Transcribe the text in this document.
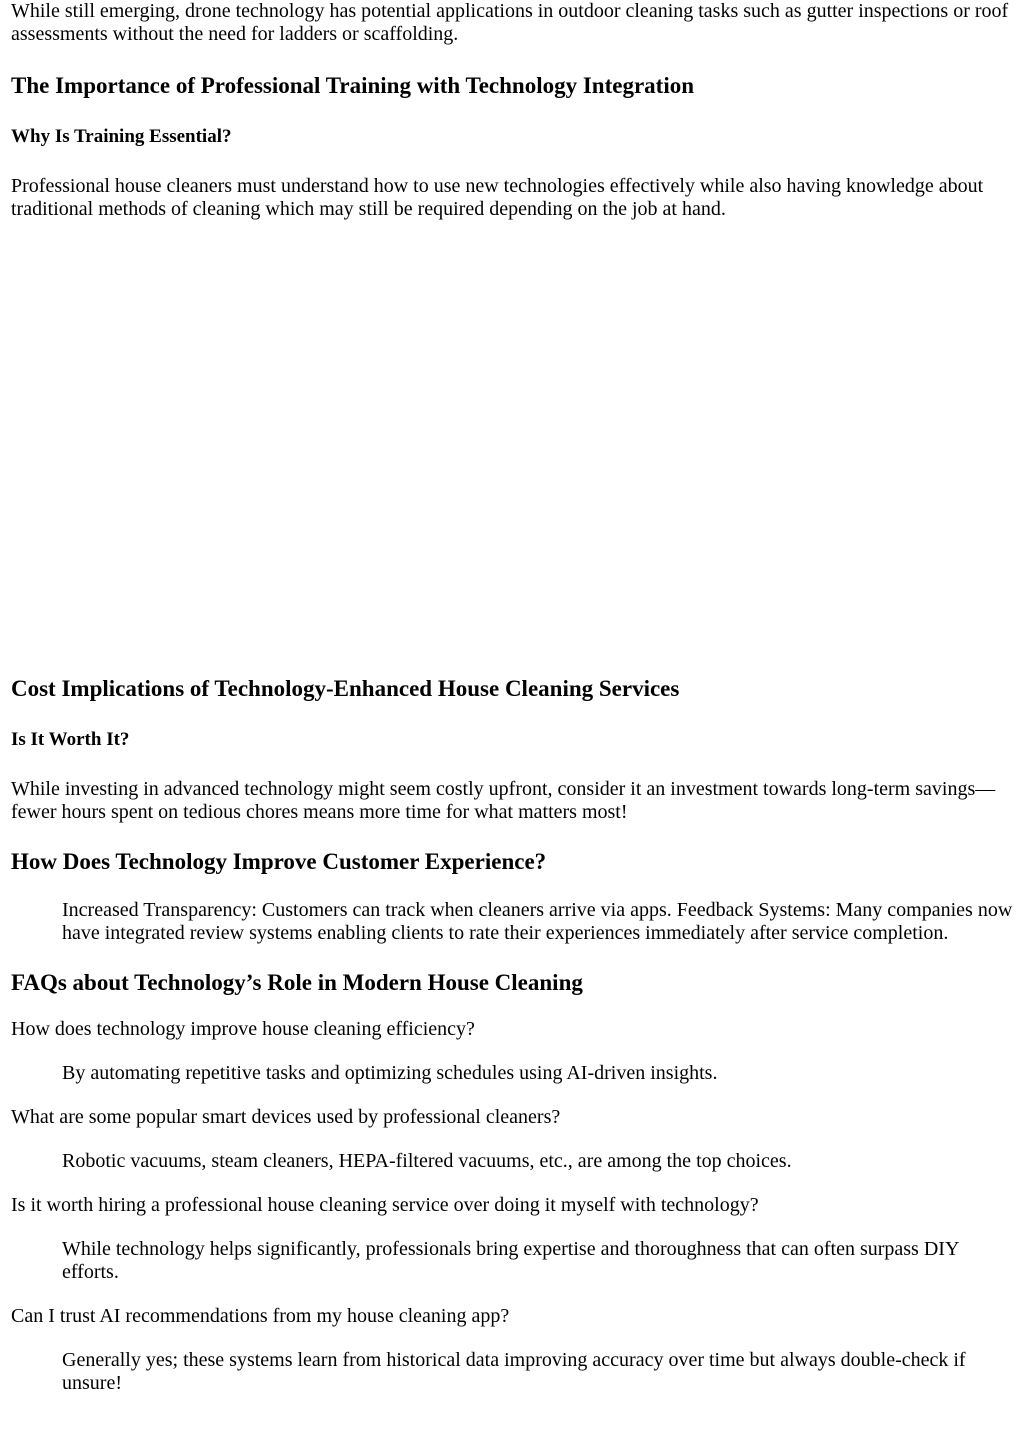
While still emerging, drone technology has potential applications in outdoor cleaning tasks such as gutter inspections or roof assessments without the need for ladders or scaffolding.

The Importance of Professional Training with Technology Integration
Why Is Training Essential?

Professional house cleaners must understand how to use new technologies effectively while also having knowledge about traditional methods of cleaning which may still be required depending on the job at hand.

Cost Implications of Technology-Enhanced House Cleaning Services
Is It Worth It?

While investing in advanced technology might seem costly upfront, consider it an investment towards long-term savings—fewer hours spent on tedious chores means more time for what matters most!

How Does Technology Improve Customer Experience?
Increased Transparency: Customers can track when cleaners arrive via apps. Feedback Systems: Many companies now have integrated review systems enabling clients to rate their experiences immediately after service completion.
FAQs about Technology’s Role in Modern House Cleaning

How does technology improve house cleaning efficiency?

By automating repetitive tasks and optimizing schedules using AI-driven insights.

What are some popular smart devices used by professional cleaners?

Robotic vacuums, steam cleaners, HEPA-filtered vacuums, etc., are among the top choices.

Is it worth hiring a professional house cleaning service over doing it myself with technology?

While technology helps significantly, professionals bring expertise and thoroughness that can often surpass DIY efforts.

Can I trust AI recommendations from my house cleaning app?

Generally yes; these systems learn from historical data improving accuracy over time but always double-check if unsure!
